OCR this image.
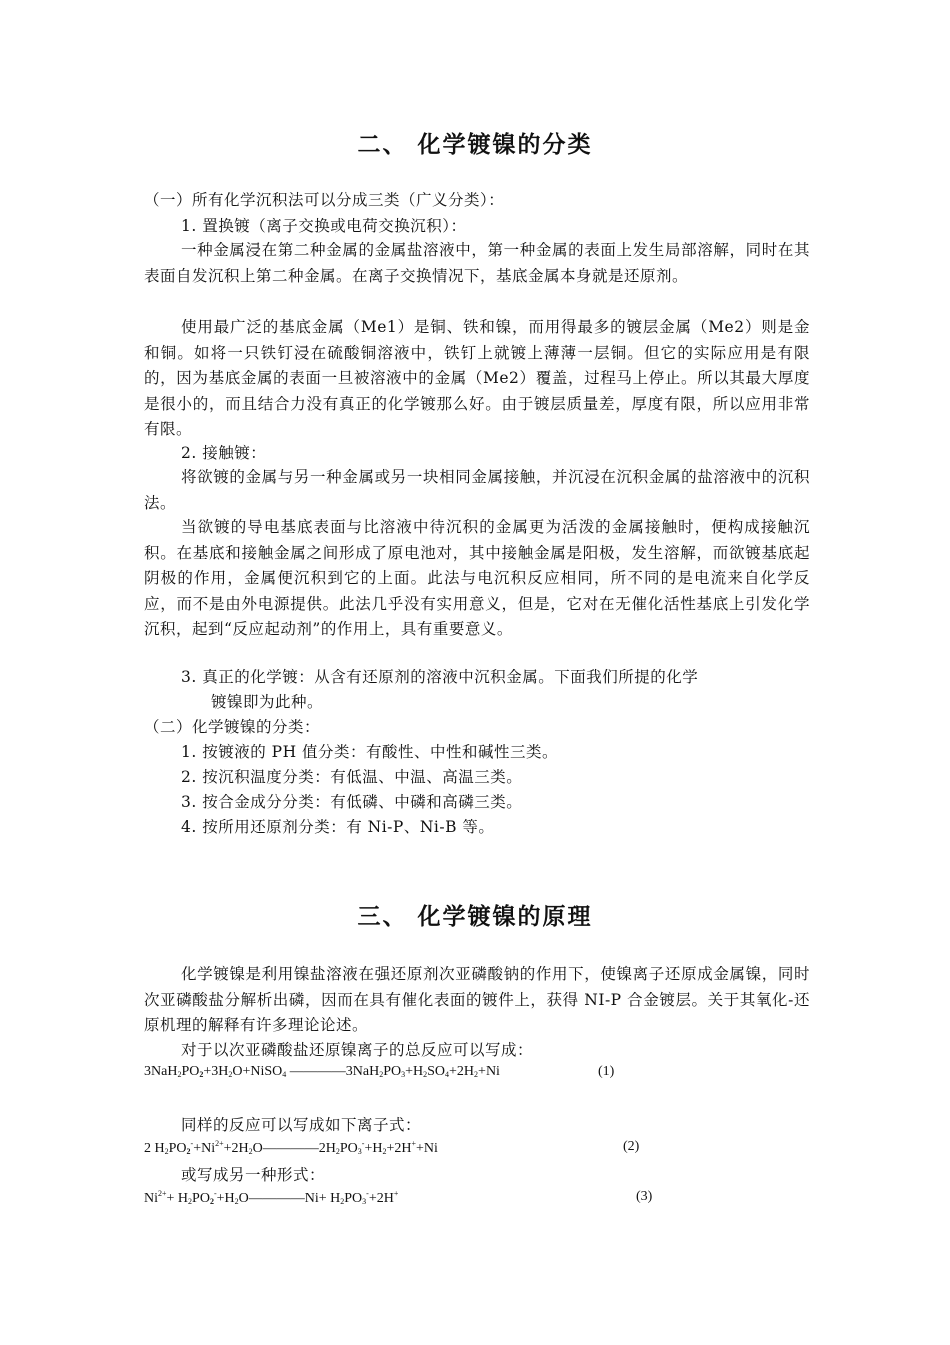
二、 化学镀镍的分类
（一）所有化学沉积法可以分成三类（广义分类）：
1. 置换镀（离子交换或电荷交换沉积）：
一种金属浸在第二种金属的金属盐溶液中，第一种金属的表面上发生局部溶解，同时在其表面自发沉积上第二种金属。在离子交换情况下，基底金属本身就是还原剂。
使用最广泛的基底金属（Me1）是铜、铁和镍，而用得最多的镀层金属（Me2）则是金和铜。如将一只铁钉浸在硫酸铜溶液中，铁钉上就镀上薄薄一层铜。但它的实际应用是有限的，因为基底金属的表面一旦被溶液中的金属（Me2）覆盖，过程马上停止。所以其最大厚度是很小的，而且结合力没有真正的化学镀那么好。由于镀层质量差，厚度有限，所以应用非常有限。
2. 接触镀：
将欲镀的金属与另一种金属或另一块相同金属接触，并沉浸在沉积金属的盐溶液中的沉积法。
当欲镀的导电基底表面与比溶液中待沉积的金属更为活泼的金属接触时，便构成接触沉积。在基底和接触金属之间形成了原电池对，其中接触金属是阳极，发生溶解，而欲镀基底起阴极的作用，金属便沉积到它的上面。此法与电沉积反应相同，所不同的是电流来自化学反应，而不是由外电源提供。此法几乎没有实用意义，但是，它对在无催化活性基底上引发化学沉积，起到“反应起动剂”的作用上，具有重要意义。
3. 真正的化学镀：从含有还原剂的溶液中沉积金属。下面我们所提的化学
镀镍即为此种。
（二）化学镀镍的分类：
1. 按镀液的 PH 值分类：有酸性、中性和碱性三类。
2. 按沉积温度分类：有低温、中温、高温三类。
3. 按合金成分分类：有低磷、中磷和高磷三类。
4. 按所用还原剂分类：有 Ni-P、Ni-B 等。
三、 化学镀镍的原理
化学镀镍是利用镍盐溶液在强还原剂次亚磷酸钠的作用下，使镍离子还原成金属镍，同时次亚磷酸盐分解析出磷，因而在具有催化表面的镀件上，获得 NI-P 合金镀层。关于其氧化-还原机理的解释有许多理论论述。
对于以次亚磷酸盐还原镍离子的总反应可以写成：
$3NaH_2PO_2+3H_2O+NiSO_4$ $————3NaH_2PO_3+H_2SO_4+2H_2+Ni$	(1)
同样的反应可以写成如下离子式：
2 $H_2PO_2^-+Ni^{2+}+2H_2O————2H_2PO_3^-+H_2+2H^++Ni$	(2)
或写成另一种形式：
$Ni^{2+}+$ $H_2PO_2^-+H_2O————Ni+ H_2PO_3^-+2H^+$	(3)
